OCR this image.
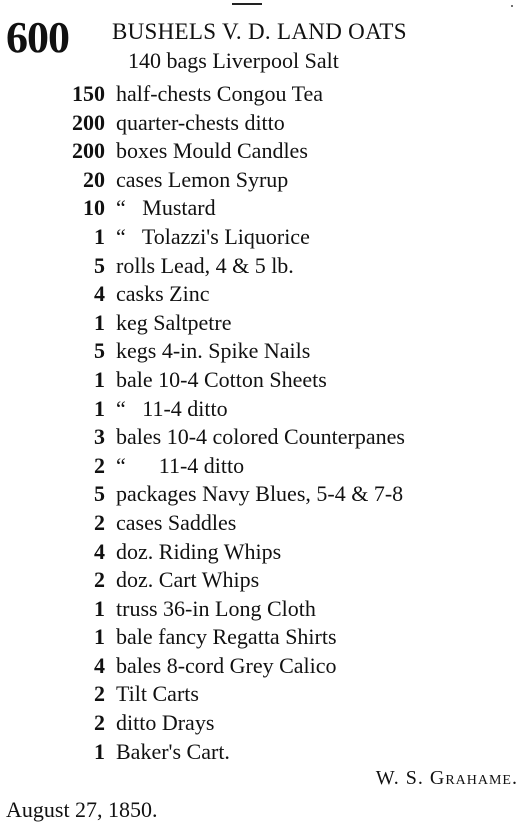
600 BUSHELS V. D. LAND OATS
140 bags Liverpool Salt
150 half-chests Congou Tea
200 quarter-chests ditto
200 boxes Mould Candles
20 cases Lemon Syrup
10 “   Mustard
1 “   Tolazzi's Liquorice
5 rolls Lead, 4 & 5 lb.
4 casks Zinc
1 keg Saltpetre
5 kegs 4-in. Spike Nails
1 bale 10-4 Cotton Sheets
1 “   11-4 ditto
3 bales 10-4 colored Counterpanes
2 “      11-4 ditto
5 packages Navy Blues, 5-4 & 7-8
2 cases Saddles
4 doz. Riding Whips
2 doz. Cart Whips
1 truss 36-in Long Cloth
1 bale fancy Regatta Shirts
4 bales 8-cord Grey Calico
2 Tilt Carts
2 ditto Drays
1 Baker's Cart.
W. S. Grahame.
August 27, 1850.
